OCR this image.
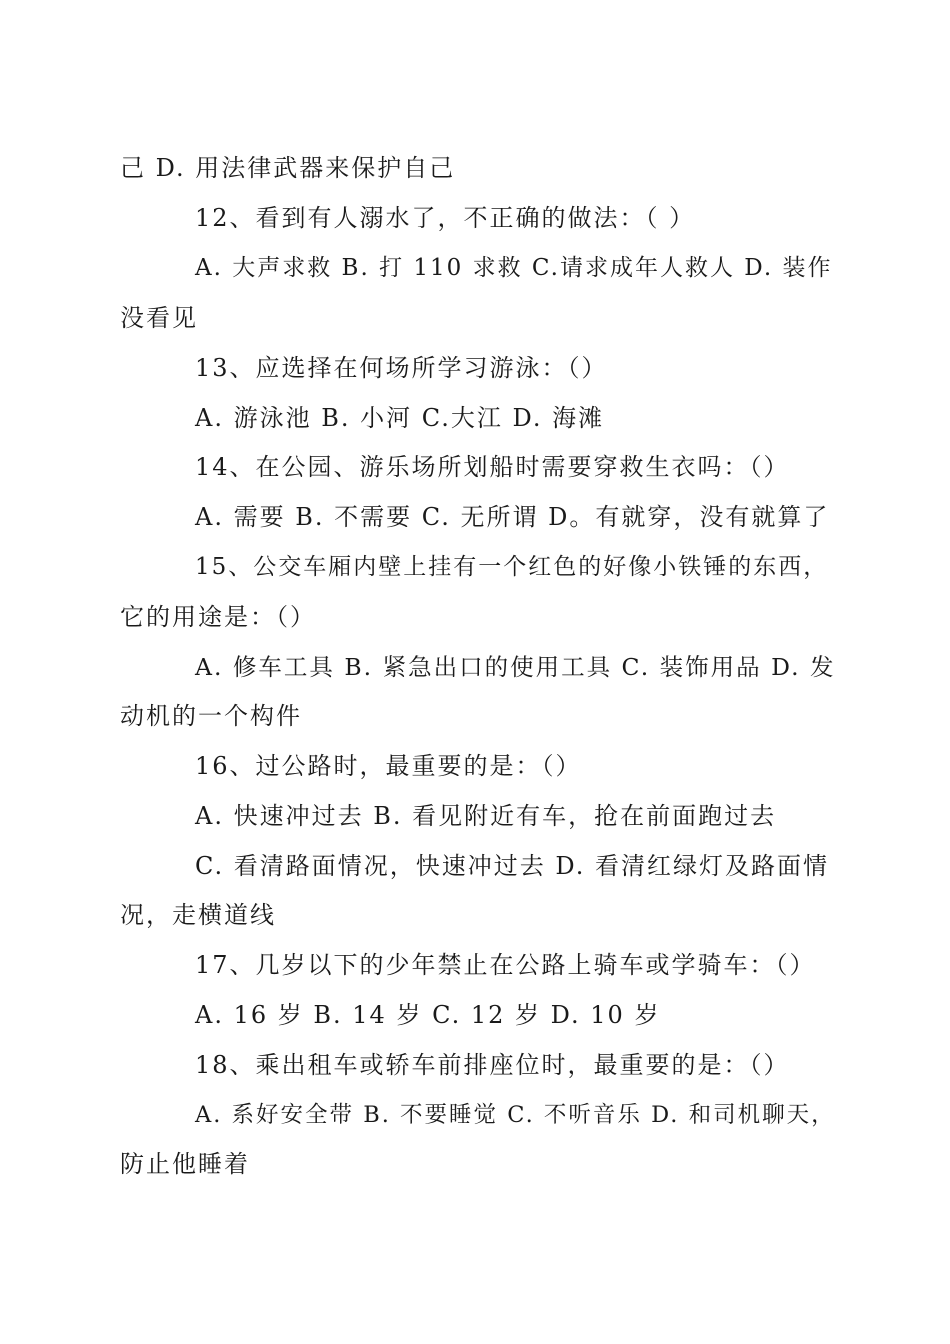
己 D. 用法律武器来保护自己
12、看到有人溺水了，不正确的做法：（ ）
A. 大声求救 B. 打 110 求救 C.请求成年人救人 D. 装作
没看见
13、应选择在何场所学习游泳：（）
A. 游泳池 B. 小河 C.大江 D. 海滩
14、在公园、游乐场所划船时需要穿救生衣吗：（）
A. 需要 B. 不需要 C. 无所谓 D。有就穿，没有就算了
15、公交车厢内壁上挂有一个红色的好像小铁锤的东西，
它的用途是：（）
A. 修车工具 B. 紧急出口的使用工具 C. 装饰用品 D. 发
动机的一个构件
16、过公路时，最重要的是：（）
A. 快速冲过去 B. 看见附近有车，抢在前面跑过去
C. 看清路面情况，快速冲过去 D. 看清红绿灯及路面情
况，走横道线
17、几岁以下的少年禁止在公路上骑车或学骑车：（）
A. 16 岁 B. 14 岁 C. 12 岁 D. 10 岁
18、乘出租车或轿车前排座位时，最重要的是：（）
A. 系好安全带 B. 不要睡觉 C. 不听音乐 D. 和司机聊天，
防止他睡着
